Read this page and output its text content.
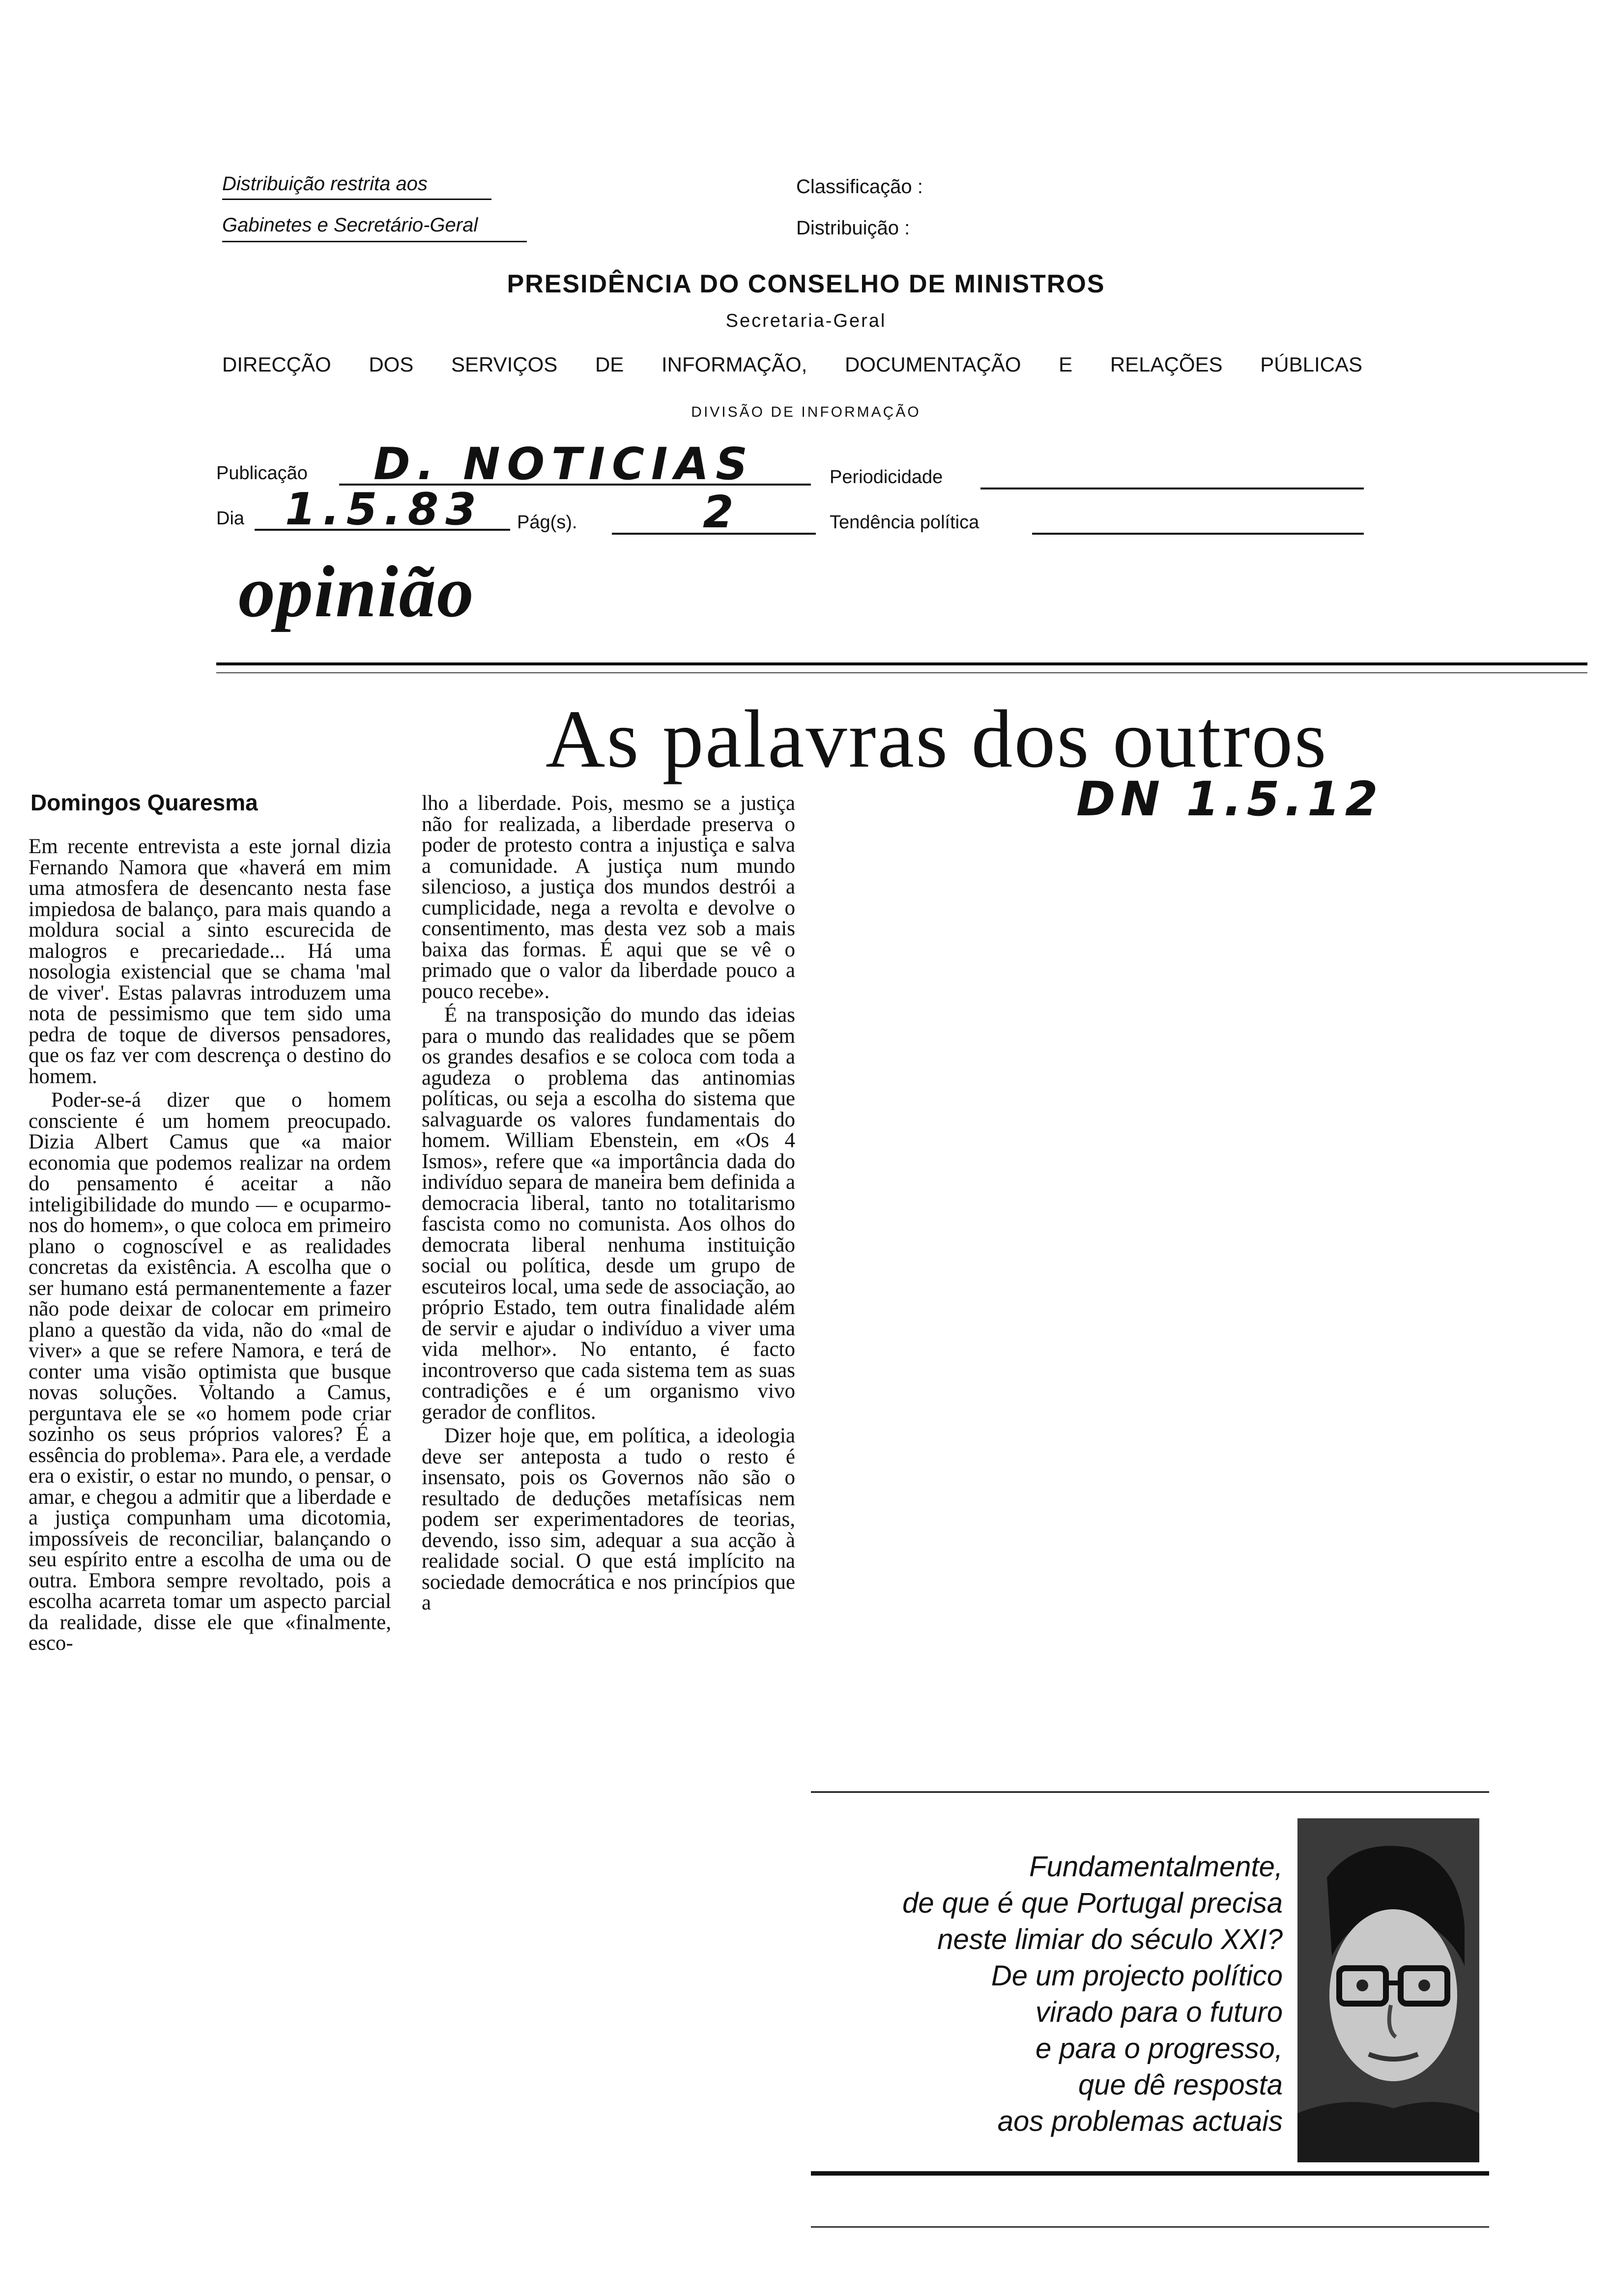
Distribuição restrita aos
Gabinetes e Secretário-Geral
Classificação :
Distribuição :
PRESIDÊNCIA DO CONSELHO DE MINISTROS
Secretaria-Geral
DIRECÇÃO DOS SERVIÇOS DE INFORMAÇÃO, DOCUMENTAÇÃO E RELAÇÕES PÚBLICAS
DIVISÃO DE INFORMAÇÃO
Publicação D. NOTICIAS	Periodicidade
Dia 1.5.83 Pág(s).	2	Tendência política
opinião
As palavras dos outros
DN 1.5.12
Domingos Quaresma

Em recente entrevista a este jornal dizia Fernando Namora que «haverá em mim uma atmosfera de desencanto nesta fase impiedosa de balanço, para mais quando a moldura social a sinto escurecida de malogros e precariedade... Há uma nosologia existencial que se chama 'mal de viver'. Estas palavras introduzem uma nota de pessimismo que tem sido uma pedra de toque de diversos pensadores, que os faz ver com descrença o destino do homem.

Poder-se-á dizer que o homem consciente é um homem preocupado. Dizia Albert Camus que «a maior economia que podemos realizar na ordem do pensamento é aceitar a não inteligibilidade do mundo — e ocuparmo-nos do homem», o que coloca em primeiro plano o cognoscível e as realidades concretas da existência. A escolha que o ser humano está permanentemente a fazer não pode deixar de colocar em primeiro plano a questão da vida, não do «mal de viver» a que se refere Namora, e terá de conter uma visão optimista que busque novas soluções. Voltando a Camus, perguntava ele se «o homem pode criar sozinho os seus próprios valores? É a essência do problema». Para ele, a verdade era o existir, o estar no mundo, o pensar, o amar, e chegou a admitir que a liberdade e a justiça compunham uma dicotomia, impossíveis de reconciliar, balançando o seu espírito entre a escolha de uma ou de outra. Embora sempre revoltado, pois a escolha acarreta tomar um aspecto parcial da realidade, disse ele que «finalmente, esco-

lho a liberdade. Pois, mesmo se a justiça não for realizada, a liberdade preserva o poder de protesto contra a injustiça e salva a comunidade. A justiça num mundo silencioso, a justiça dos mundos destrói a cumplicidade, nega a revolta e devolve o consentimento, mas desta vez sob a mais baixa das formas. É aqui que se vê o primado que o valor da liberdade pouco a pouco recebe».

É na transposição do mundo das ideias para o mundo das realidades que se põem os grandes desafios e se coloca com toda a agudeza o problema das antinomias políticas, ou seja a escolha do sistema que salvaguarde os valores fundamentais do homem. William Ebenstein, em «Os 4 Ismos», refere que «a importância dada do indivíduo separa de maneira bem definida a democracia liberal, tanto no totalitarismo fascista como no comunista. Aos olhos do democrata liberal nenhuma instituição social ou política, desde um grupo de escuteiros local, uma sede de associação, ao próprio Estado, tem outra finalidade além de servir e ajudar o indivíduo a viver uma vida melhor». No entanto, é facto incontroverso que cada sistema tem as suas contradições e é um organismo vivo gerador de conflitos.

Dizer hoje que, em política, a ideologia deve ser anteposta a tudo o resto é insensato, pois os Governos não são o resultado de deduções metafísicas nem podem ser experimentadores de teorias, devendo, isso sim, adequar a sua acção à realidade social. O que está implícito na sociedade democrática e nos princípios que a

Fundamentalmente,
de que é que Portugal precisa
neste limiar do século XXI?
De um projecto político
virado para o futuro
e para o progresso,
que dê resposta
aos problemas actuais
